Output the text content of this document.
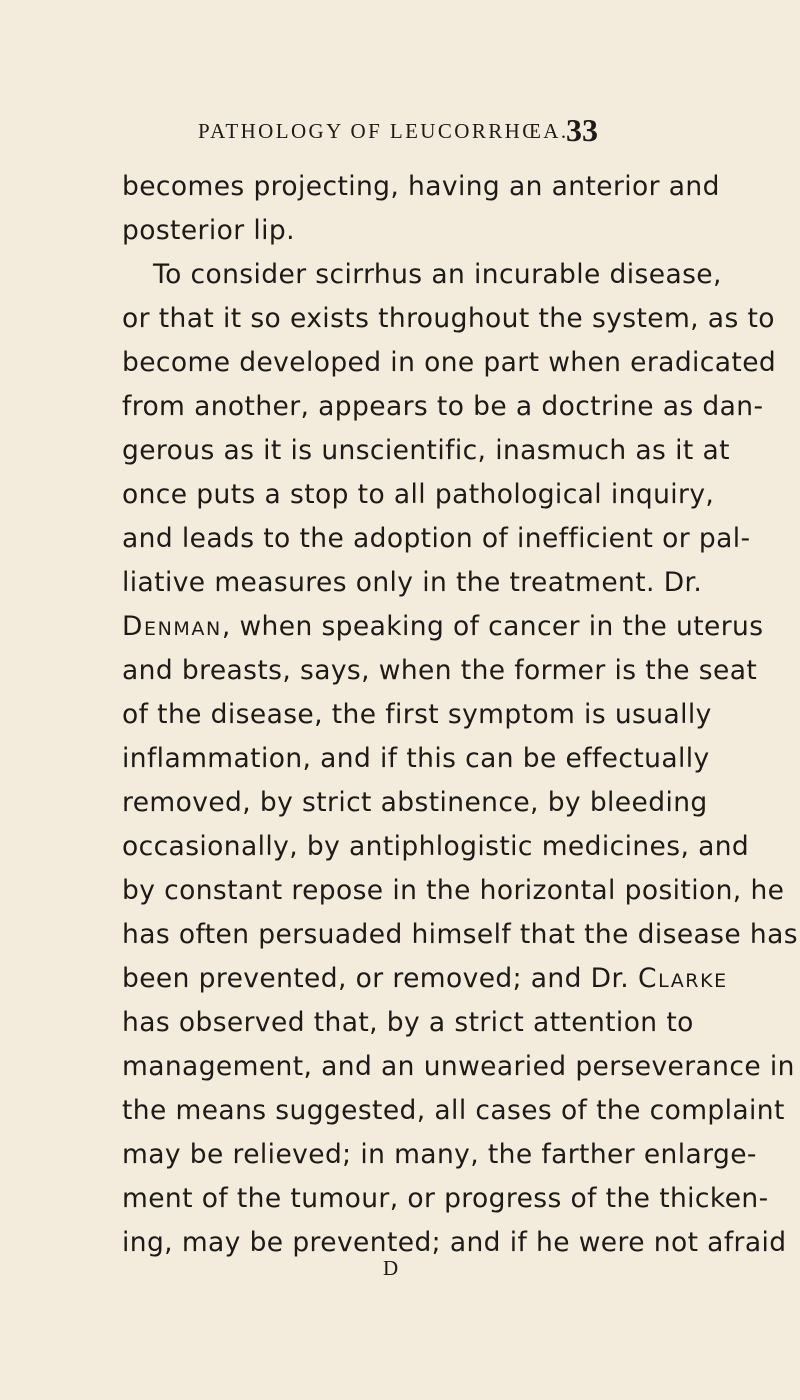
PATHOLOGY OF LEUCORRHŒA.
33
becomes projecting, having an anterior and
posterior lip.
To consider scirrhus an incurable disease,
or that it so exists throughout the system, as to
become developed in one part when eradicated
from another, appears to be a doctrine as dan-
gerous as it is unscientific, inasmuch as it at
once puts a stop to all pathological inquiry,
and leads to the adoption of inefficient or pal-
liative measures only in the treatment. Dr.
Denman, when speaking of cancer in the uterus
and breasts, says, when the former is the seat
of the disease, the first symptom is usually
inflammation, and if this can be effectually
removed, by strict abstinence, by bleeding
occasionally, by antiphlogistic medicines, and
by constant repose in the horizontal position, he
has often persuaded himself that the disease has
been prevented, or removed; and Dr. Clarke
has observed that, by a strict attention to
management, and an unwearied perseverance in
the means suggested, all cases of the complaint
may be relieved; in many, the farther enlarge-
ment of the tumour, or progress of the thicken-
ing, may be prevented; and if he were not afraid
D
